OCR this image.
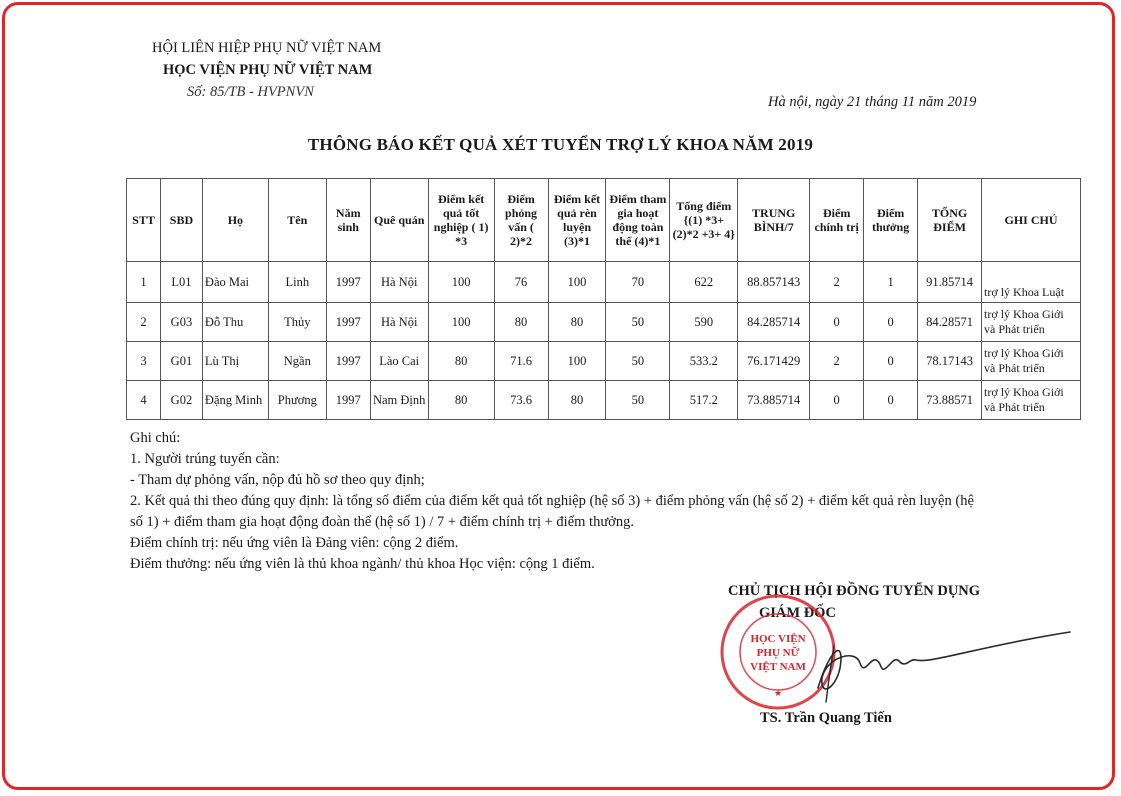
HỘI LIÊN HIỆP PHỤ NỮ VIỆT NAM
HỌC VIỆN PHỤ NỮ VIỆT NAM
Số: 85/TB - HVPNVN
Hà nội, ngày 21 tháng 11 năm 2019
THÔNG BÁO KẾT QUẢ XÉT TUYỂN TRỢ LÝ KHOA NĂM 2019
STT	SBD	Họ	Tên	Năm sinh	Quê quán	Điểm kết quả tốt nghiệp ( 1) *3	Điểm phỏng vấn ( 2)*2	Điểm kết quả rèn luyện (3)*1	Điểm tham gia hoạt động toàn thể (4)*1	Tổng điểm {(1) *3+(2)*2 +3+ 4}	TRUNG BÌNH/7	Điểm chính trị	Điểm thưởng	TỔNG ĐIỂM	GHI CHÚ
1	L01	Đào Mai	Linh	1997	Hà Nội	100	76	100	70	622	88.857143	2	1	91.85714	trợ lý Khoa Luật
2	G03	Đỗ Thu	Thủy	1997	Hà Nội	100	80	80	50	590	84.285714	0	0	84.28571	trợ lý Khoa Giới và Phát triển
3	G01	Lù Thị	Ngần	1997	Lào Cai	80	71.6	100	50	533.2	76.171429	2	0	78.17143	trợ lý Khoa Giới và Phát triển
4	G02	Đặng Minh	Phương	1997	Nam Định	80	73.6	80	50	517.2	73.885714	0	0	73.88571	trợ lý Khoa Giới và Phát triển
Ghi chú:
1. Người trúng tuyển cần:
- Tham dự phỏng vấn, nộp đủ hồ sơ theo quy định;
2. Kết quả thi theo đúng quy định: là tổng số điểm của điểm kết quả tốt nghiệp (hệ số 3) + điểm phỏng vấn (hệ số 2) + điểm kết quả rèn luyện (hệ
số 1) + điểm tham gia hoạt động đoàn thể (hệ số 1) / 7 + điểm chính trị + điểm thưởng.
Điểm chính trị: nếu ứng viên là Đảng viên: cộng 2 điểm.
Điểm thưởng: nếu ứng viên là thủ khoa ngành/ thủ khoa Học viện: cộng 1 điểm.
CHỦ TỊCH HỘI ĐỒNG TUYỂN DỤNG
GIÁM ĐỐC
HỌC VIỆN
PHỤ NỮ
VIỆT NAM
★
TS. Trần Quang Tiến
